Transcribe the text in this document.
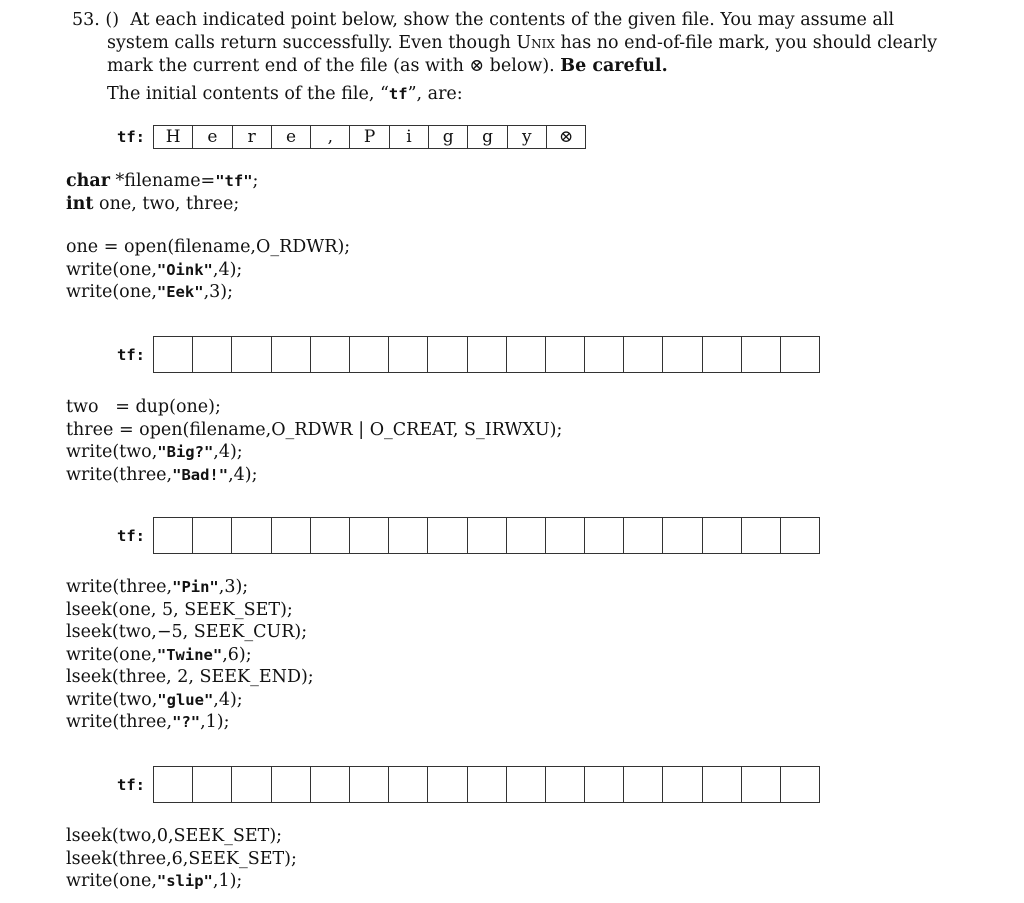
53. () At each indicated point below, show the contents of the given file. You may assume all system calls return successfully. Even though Unix has no end-of-file mark, you should clearly mark the current end of the file (as with ⊗ below). Be careful.

The initial contents of the file, “tf”, are:
tf:	H	e	r	e	,	P	i	g	g	y	⊗
char *filename="tf";
int one, two, three;
one = open(filename,O_RDWR);
write(one,"Oink",4);
write(one,"Eek",3);
tf:
two   = dup(one);
three = open(filename,O_RDWR | O_CREAT, S_IRWXU);
write(two,"Big?",4);
write(three,"Bad!",4);
tf:
write(three,"Pin",3);
lseek(one, 5, SEEK_SET);
lseek(two,−5, SEEK_CUR);
write(one,"Twine",6);
lseek(three, 2, SEEK_END);
write(two,"glue",4);
write(three,"?",1);
tf:
lseek(two,0,SEEK_SET);
lseek(three,6,SEEK_SET);
write(one,"slip",1);
